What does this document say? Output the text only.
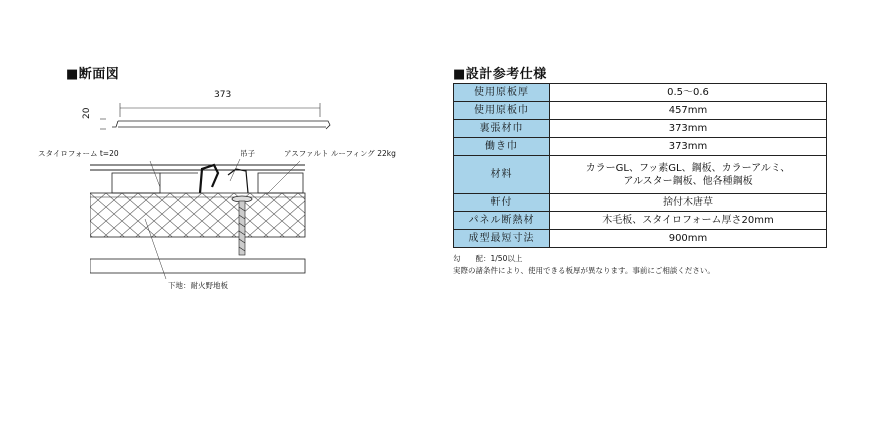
■断面図
373
20
スタイロフォーム t=20	吊子	アスファルト ルーフィング 22kg
下地：耐火野地板
■設計参考仕様
使用原板厚	0.5～0.6
使用原板巾	457mm
裏張材巾	373mm
働き巾	373mm
材料	カラーGL、フッ素GL、鋼板、カラーアルミ、
アルスター鋼板、他各種鋼板

軒付	捨付木唐草
パネル断熱材	木毛板、スタイロフォーム厚さ20mm
成型最短寸法	900mm
勾　　配：1/50以上
実際の諸条件により、使用できる板厚が異なります。事前にご相談ください。
